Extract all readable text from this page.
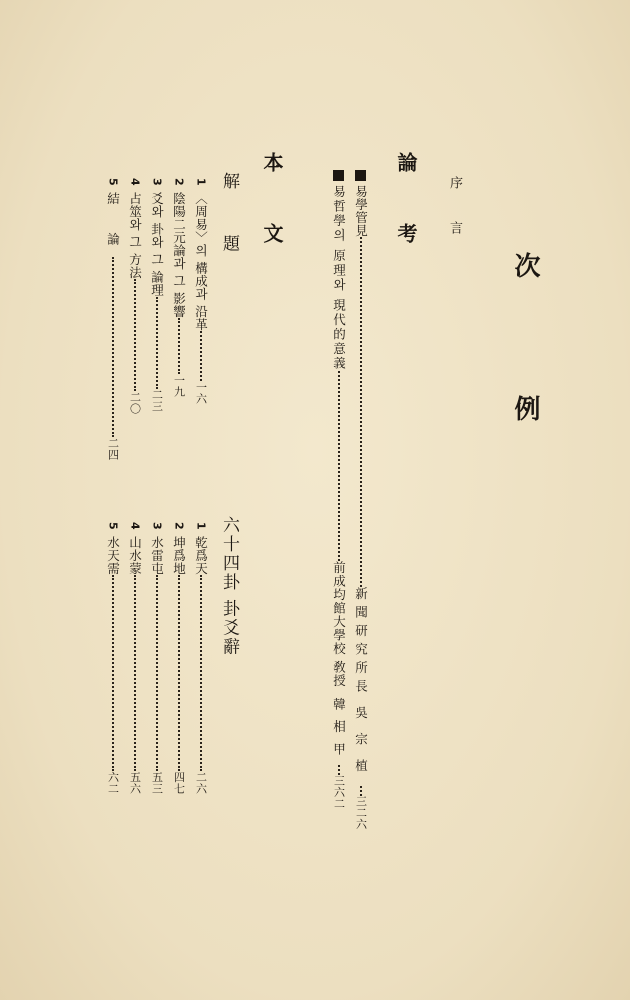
次 例
序 言
論 考
易學管見新聞研究所長吳宗植三二六
易哲學의 原理와 現代的意義前成均館大學校 敎授韓相甲三六二
本 文
解 題
1〈周易〉의 構成과 沿革一六
2陰陽二元論과 그 影響一九
3爻와 卦와 그 論理二三
4占筮와 그 方法二〇
5結 論二四
六十四卦 卦爻辭
1乾爲天二六
2坤爲地四七
3水雷屯五三
4山水蒙五六
5水天需六二
